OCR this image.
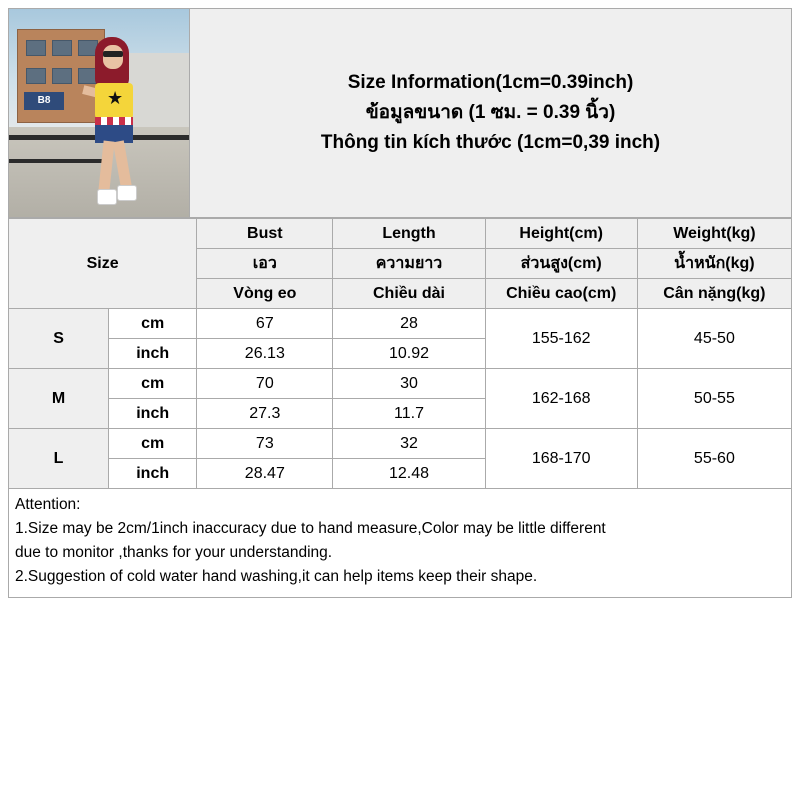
B8	★
Size Information(1cm=0.39inch)
ข้อมูลขนาด (1 ซม. = 0.39 นิ้ว)
Thông tin kích thước (1cm=0,39 inch)
Size		Bust	Length	Height(cm)	Weight(kg)
		เอว	ความยาว	ส่วนสูง(cm)	น้ำหนัก(kg)
		Vòng eo	Chiều dài	Chiều cao(cm)	Cân nặng(kg)
S	cm	67	28	155-162	45-50
	inch	26.13	10.92		
M	cm	70	30	162-168	50-55
	inch	27.3	11.7		
L	cm	73	32	168-170	55-60
	inch	28.47	12.48		

Attention:

1.Size may be 2cm/1inch inaccuracy due to hand measure,Color may be little different

due to monitor ,thanks for your understanding.

2.Suggestion of cold water hand washing,it can help items keep their shape.
